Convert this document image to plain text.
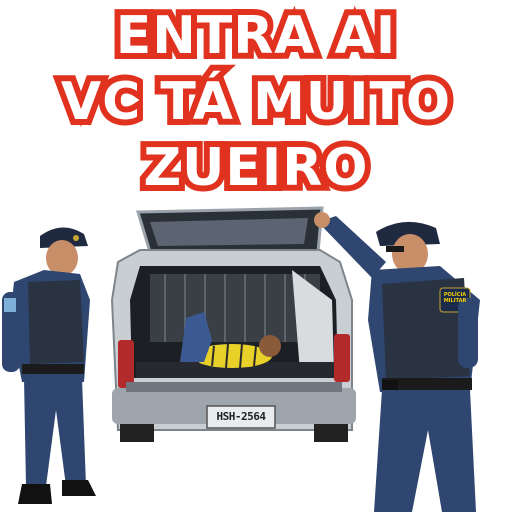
HSH-2564
POLÍCIA MILITAR
ENTRA AI
VC TÁ MUITO
ZUEIRO
